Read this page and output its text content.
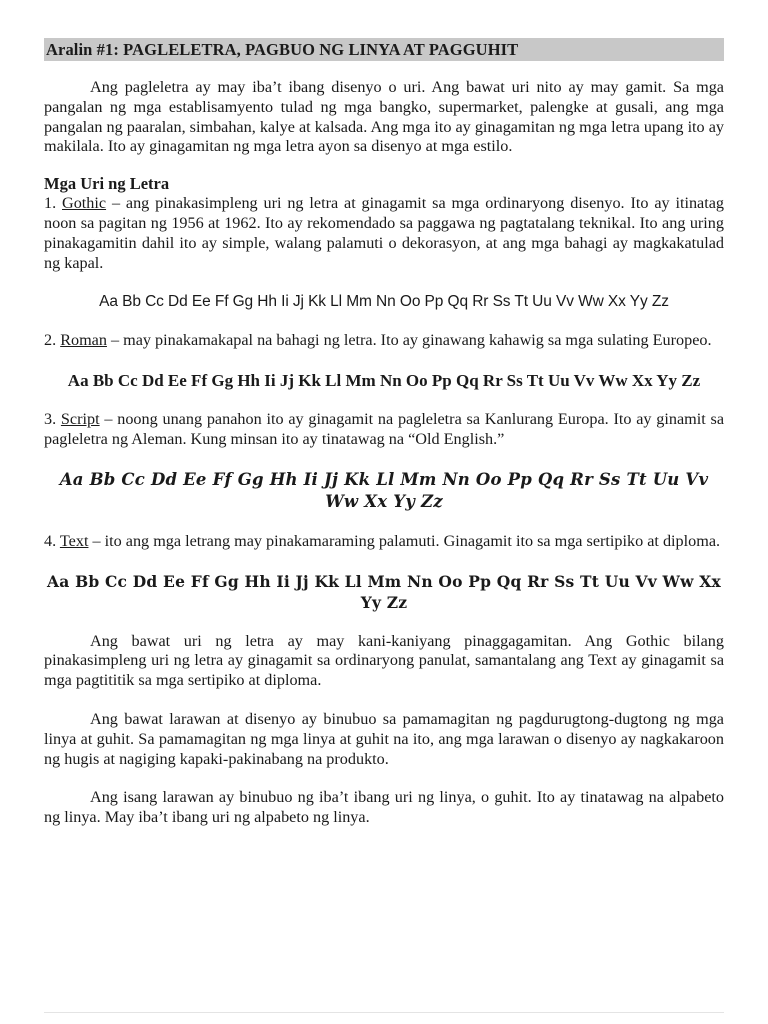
Aralin #1: PAGLELETRA, PAGBUO NG LINYA AT PAGGUHIT

Ang pagleletra ay may iba’t ibang disenyo o uri. Ang bawat uri nito ay may gamit. Sa mga pangalan ng mga establisamyento tulad ng mga bangko, supermarket, palengke at gusali, ang mga pangalan ng paaralan, simbahan, kalye at kalsada. Ang mga ito ay ginagamitan ng mga letra upang ito ay makilala. Ito ay ginagamitan ng mga letra ayon sa disenyo at mga estilo.

Mga Uri ng Letra

1. Gothic – ang pinakasimpleng uri ng letra at ginagamit sa mga ordinaryong disenyo. Ito ay itinatag noon sa pagitan ng 1956 at 1962. Ito ay rekomendado sa paggawa ng pagtatalang teknikal. Ito ang uring pinakagamitin dahil ito ay simple, walang palamuti o dekorasyon, at ang mga bahagi ay magkakatulad ng kapal.

Aa Bb Cc Dd Ee Ff Gg Hh Ii Jj Kk Ll Mm Nn Oo Pp Qq Rr Ss Tt Uu Vv Ww Xx Yy Zz

2. Roman – may pinakamakapal na bahagi ng letra. Ito ay ginawang kahawig sa mga sulating Europeo.

Aa Bb Cc Dd Ee Ff Gg Hh Ii Jj Kk Ll Mm Nn Oo Pp Qq Rr Ss Tt Uu Vv Ww Xx Yy Zz

3. Script – noong unang panahon ito ay ginagamit na pagleletra sa Kanlurang Europa. Ito ay ginamit sa pagleletra ng Aleman. Kung minsan ito ay tinatawag na “Old English.”

Aa Bb Cc Dd Ee Ff Gg Hh Ii Jj Kk Ll Mm Nn Oo Pp Qq Rr Ss Tt Uu Vv Ww Xx Yy Zz

4. Text – ito ang mga letrang may pinakamaraming palamuti. Ginagamit ito sa mga sertipiko at diploma.

Aa Bb Cc Dd Ee Ff Gg Hh Ii Jj Kk Ll Mm Nn Oo Pp Qq Rr Ss Tt Uu Vv Ww Xx Yy Zz

Ang bawat uri ng letra ay may kani-kaniyang pinaggagamitan. Ang Gothic bilang pinakasimpleng uri ng letra ay ginagamit sa ordinaryong panulat, samantalang ang Text ay ginagamit sa mga pagtititik sa mga sertipiko at diploma.

Ang bawat larawan at disenyo ay binubuo sa pamamagitan ng pagdurugtong-dugtong ng mga linya at guhit. Sa pamamagitan ng mga linya at guhit na ito, ang mga larawan o disenyo ay nagkakaroon ng hugis at nagiging kapaki-pakinabang na produkto.

Ang isang larawan ay binubuo ng iba’t ibang uri ng linya, o guhit. Ito ay tinatawag na alpabeto ng linya. May iba’t ibang uri ng alpabeto ng linya.
